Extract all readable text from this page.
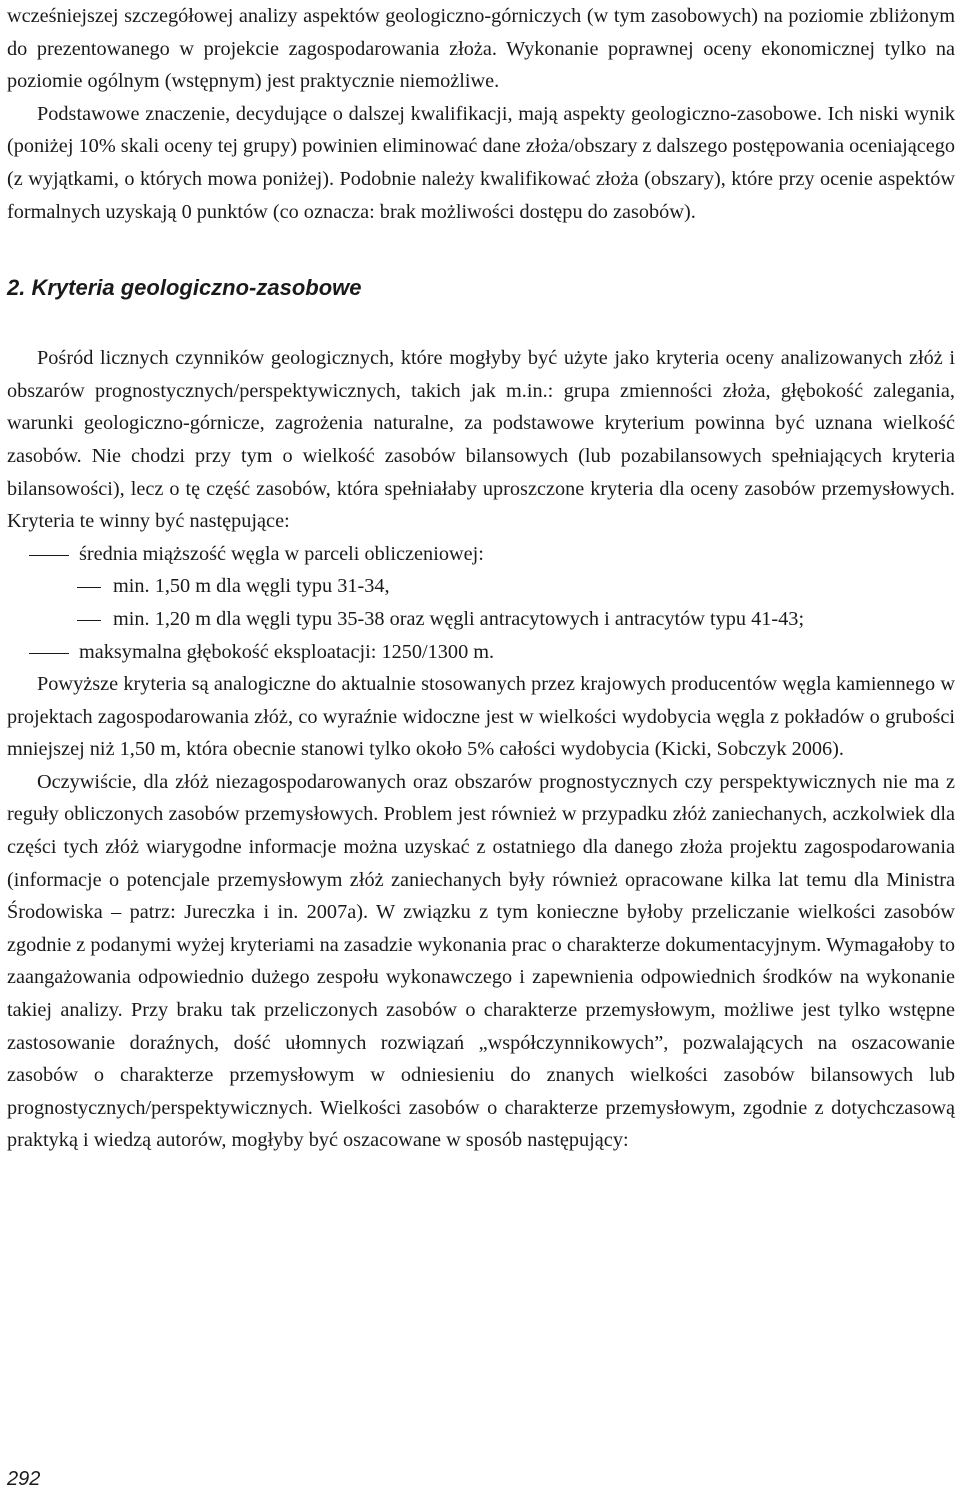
wcześniejszej szczegółowej analizy aspektów geologiczno-górniczych (w tym zasobowych) na poziomie zbliżonym do prezentowanego w projekcie zagospodarowania złoża. Wykonanie poprawnej oceny ekonomicznej tylko na poziomie ogólnym (wstępnym) jest praktycznie niemożliwe.

Podstawowe znaczenie, decydujące o dalszej kwalifikacji, mają aspekty geologiczno-zasobowe. Ich niski wynik (poniżej 10% skali oceny tej grupy) powinien eliminować dane złoża/obszary z dalszego postępowania oceniającego (z wyjątkami, o których mowa poniżej). Podobnie należy kwalifikować złoża (obszary), które przy ocenie aspektów formalnych uzyskają 0 punktów (co oznacza: brak możliwości dostępu do zasobów).

2. Kryteria geologiczno-zasobowe

Pośród licznych czynników geologicznych, które mogłyby być użyte jako kryteria oceny analizowanych złóż i obszarów prognostycznych/perspektywicznych, takich jak m.in.: grupa zmienności złoża, głębokość zalegania, warunki geologiczno-górnicze, zagrożenia naturalne, za podstawowe kryterium powinna być uznana wielkość zasobów. Nie chodzi przy tym o wielkość zasobów bilansowych (lub pozabilansowych spełniających kryteria bilansowości), lecz o tę część zasobów, która spełniałaby uproszczone kryteria dla oceny zasobów przemysłowych. Kryteria te winny być następujące:

średnia miąższość węgla w parceli obliczeniowej:
min. 1,50 m dla węgli typu 31-34,
min. 1,20 m dla węgli typu 35-38 oraz węgli antracytowych i antracytów typu 41-43;
maksymalna głębokość eksploatacji: 1250/1300 m.

Powyższe kryteria są analogiczne do aktualnie stosowanych przez krajowych producentów węgla kamiennego w projektach zagospodarowania złóż, co wyraźnie widoczne jest w wielkości wydobycia węgla z pokładów o grubości mniejszej niż 1,50 m, która obecnie stanowi tylko około 5% całości wydobycia (Kicki, Sobczyk 2006).

Oczywiście, dla złóż niezagospodarowanych oraz obszarów prognostycznych czy perspektywicznych nie ma z reguły obliczonych zasobów przemysłowych. Problem jest również w przypadku złóż zaniechanych, aczkolwiek dla części tych złóż wiarygodne informacje można uzyskać z ostatniego dla danego złoża projektu zagospodarowania (informacje o potencjale przemysłowym złóż zaniechanych były również opracowane kilka lat temu dla Ministra Środowiska – patrz: Jureczka i in. 2007a). W związku z tym konieczne byłoby przeliczanie wielkości zasobów zgodnie z podanymi wyżej kryteriami na zasadzie wykonania prac o charakterze dokumentacyjnym. Wymagałoby to zaangażowania odpowiednio dużego zespołu wykonawczego i zapewnienia odpowiednich środków na wykonanie takiej analizy. Przy braku tak przeliczonych zasobów o charakterze przemysłowym, możliwe jest tylko wstępne zastosowanie doraźnych, dość ułomnych rozwiązań „współczynnikowych”, pozwalających na oszacowanie zasobów o charakterze przemysłowym w odniesieniu do znanych wielkości zasobów bilansowych lub prognostycznych/perspektywicznych. Wielkości zasobów o charakterze przemysłowym, zgodnie z dotychczasową praktyką i wiedzą autorów, mogłyby być oszacowane w sposób następujący:

292
